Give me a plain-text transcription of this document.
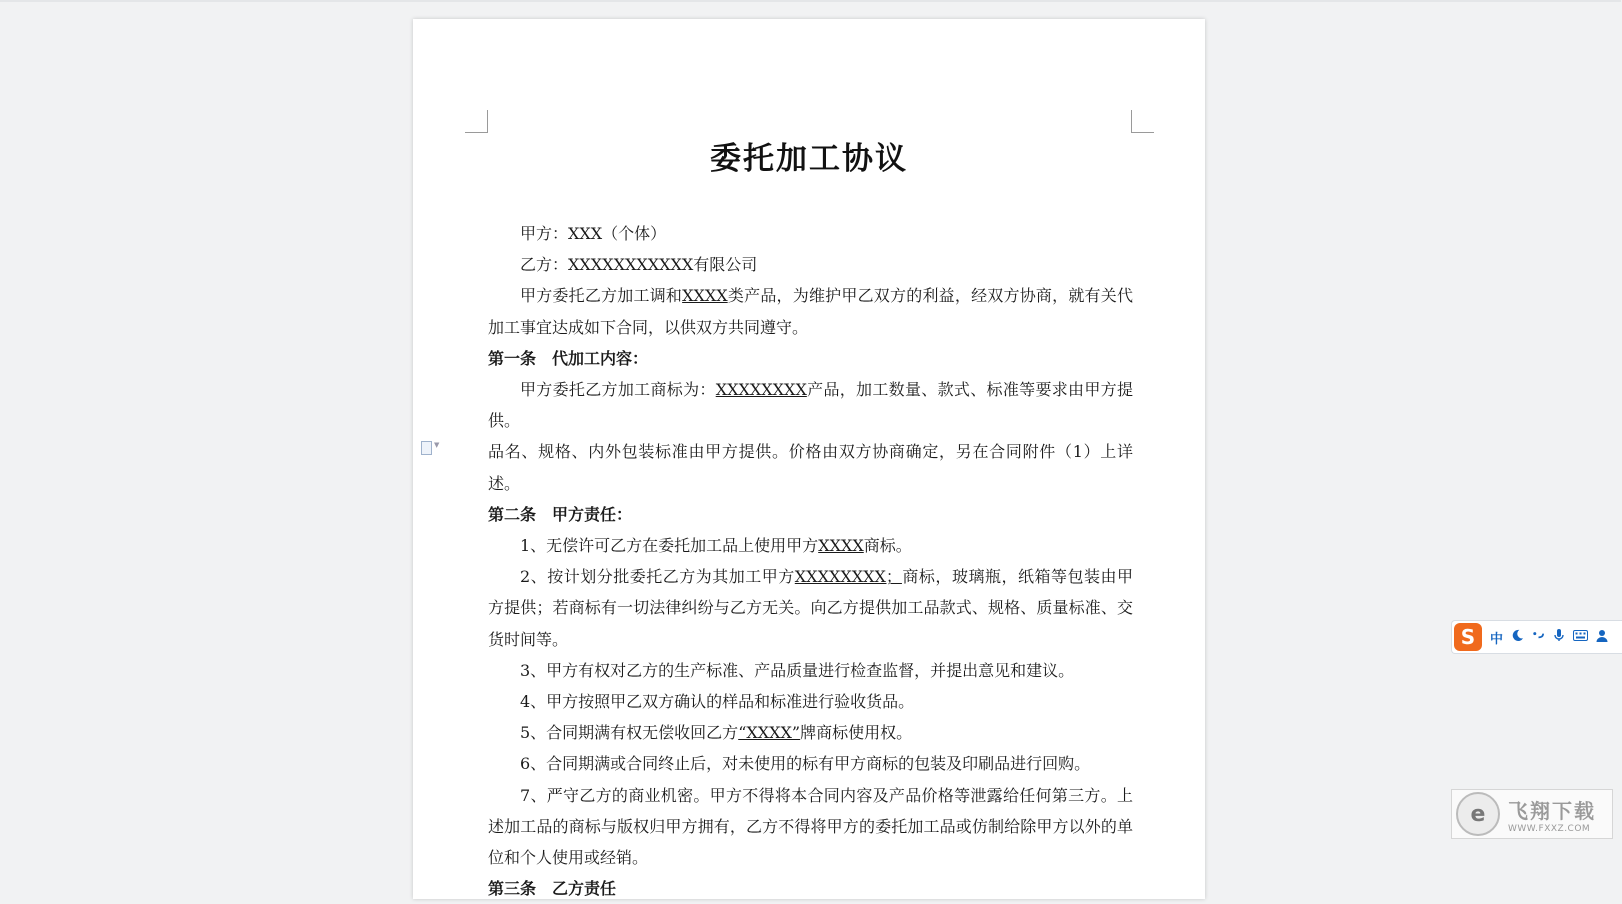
委托加工协议

甲方：XXX（个体）

乙方：XXXXXXXXXXX有限公司

甲方委托乙方加工调和XXXX类产品，为维护甲乙双方的利益，经双方协商，就有关代加工事宜达成如下合同，以供双方共同遵守。

第一条　代加工内容：

甲方委托乙方加工商标为：XXXXXXXX产品，加工数量、款式、标准等要求由甲方提供。

品名、规格、内外包装标准由甲方提供。价格由双方协商确定，另在合同附件（1）上详述。

第二条　甲方责任：

1、无偿许可乙方在委托加工品上使用甲方XXXX商标。

2、按计划分批委托乙方为其加工甲方XXXXXXXX；商标，玻璃瓶，纸箱等包装由甲方提供；若商标有一切法律纠纷与乙方无关。向乙方提供加工品款式、规格、质量标准、交货时间等。

3、甲方有权对乙方的生产标准、产品质量进行检查监督，并提出意见和建议。

4、甲方按照甲乙双方确认的样品和标准进行验收货品。

5、合同期满有权无偿收回乙方“XXXX”牌商标使用权。

6、合同期满或合同终止后，对未使用的标有甲方商标的包装及印刷品进行回购。

7、严守乙方的商业机密。甲方不得将本合同内容及产品价格等泄露给任何第三方。上述加工品的商标与版权归甲方拥有，乙方不得将甲方的委托加工品或仿制给除甲方以外的单位和个人使用或经销。

第三条　乙方责任

▼
S	中
e	飞翔下载
WWW.FXXZ.COM
